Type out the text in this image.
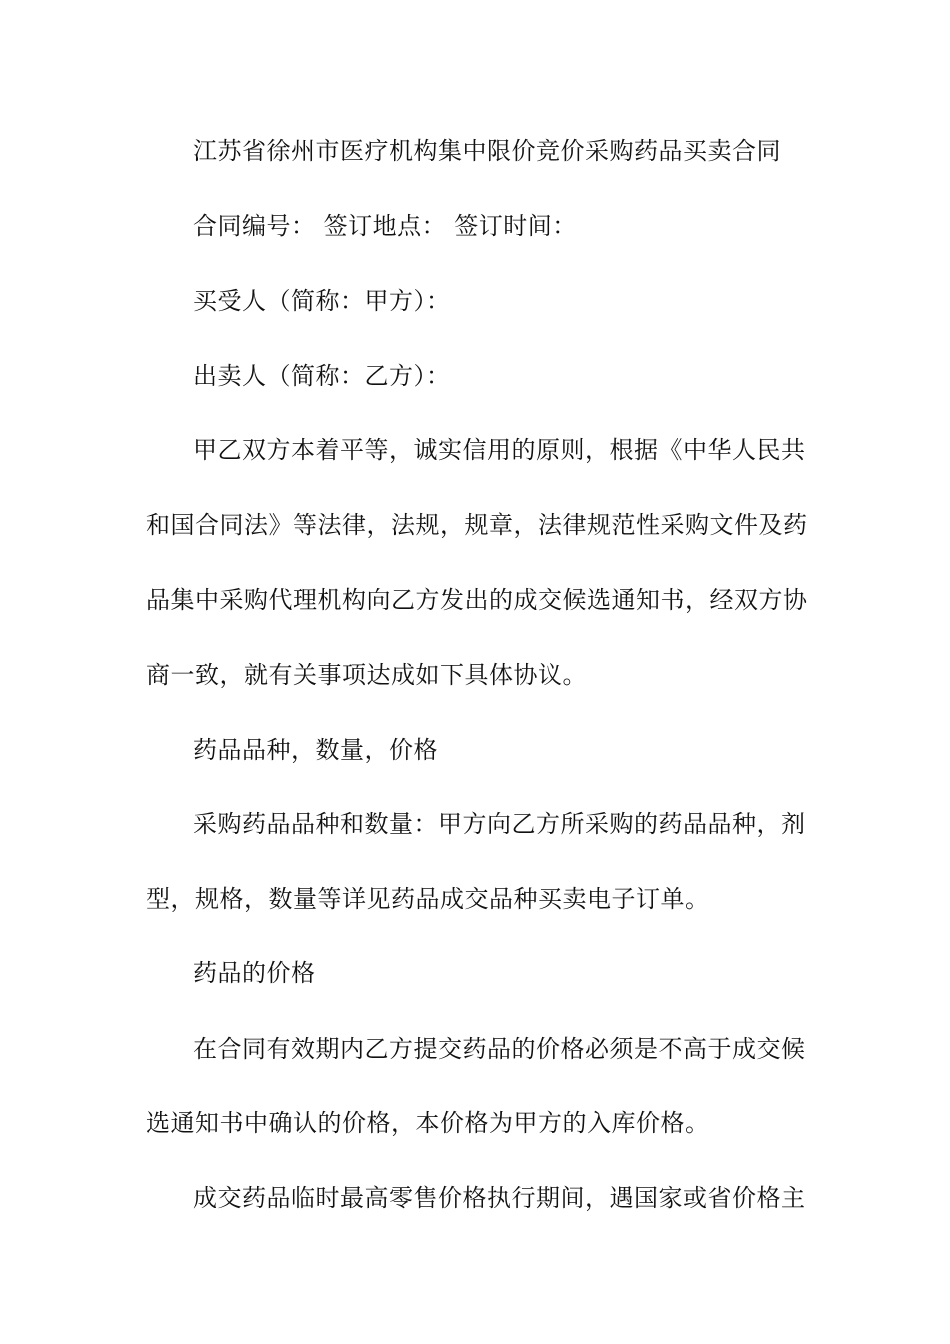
江苏省徐州市医疗机构集中限价竞价采购药品买卖合同
合同编号： 签订地点： 签订时间：
买受人（简称：甲方）：
出卖人（简称：乙方）：
甲乙双方本着平等，诚实信用的原则，根据《中华人民共
和国合同法》等法律，法规，规章，法律规范性采购文件及药
品集中采购代理机构向乙方发出的成交候选通知书，经双方协
商一致，就有关事项达成如下具体协议。
药品品种，数量，价格
采购药品品种和数量：甲方向乙方所采购的药品品种，剂
型，规格，数量等详见药品成交品种买卖电子订单。
药品的价格
在合同有效期内乙方提交药品的价格必须是不高于成交候
选通知书中确认的价格，本价格为甲方的入库价格。
成交药品临时最高零售价格执行期间，遇国家或省价格主
